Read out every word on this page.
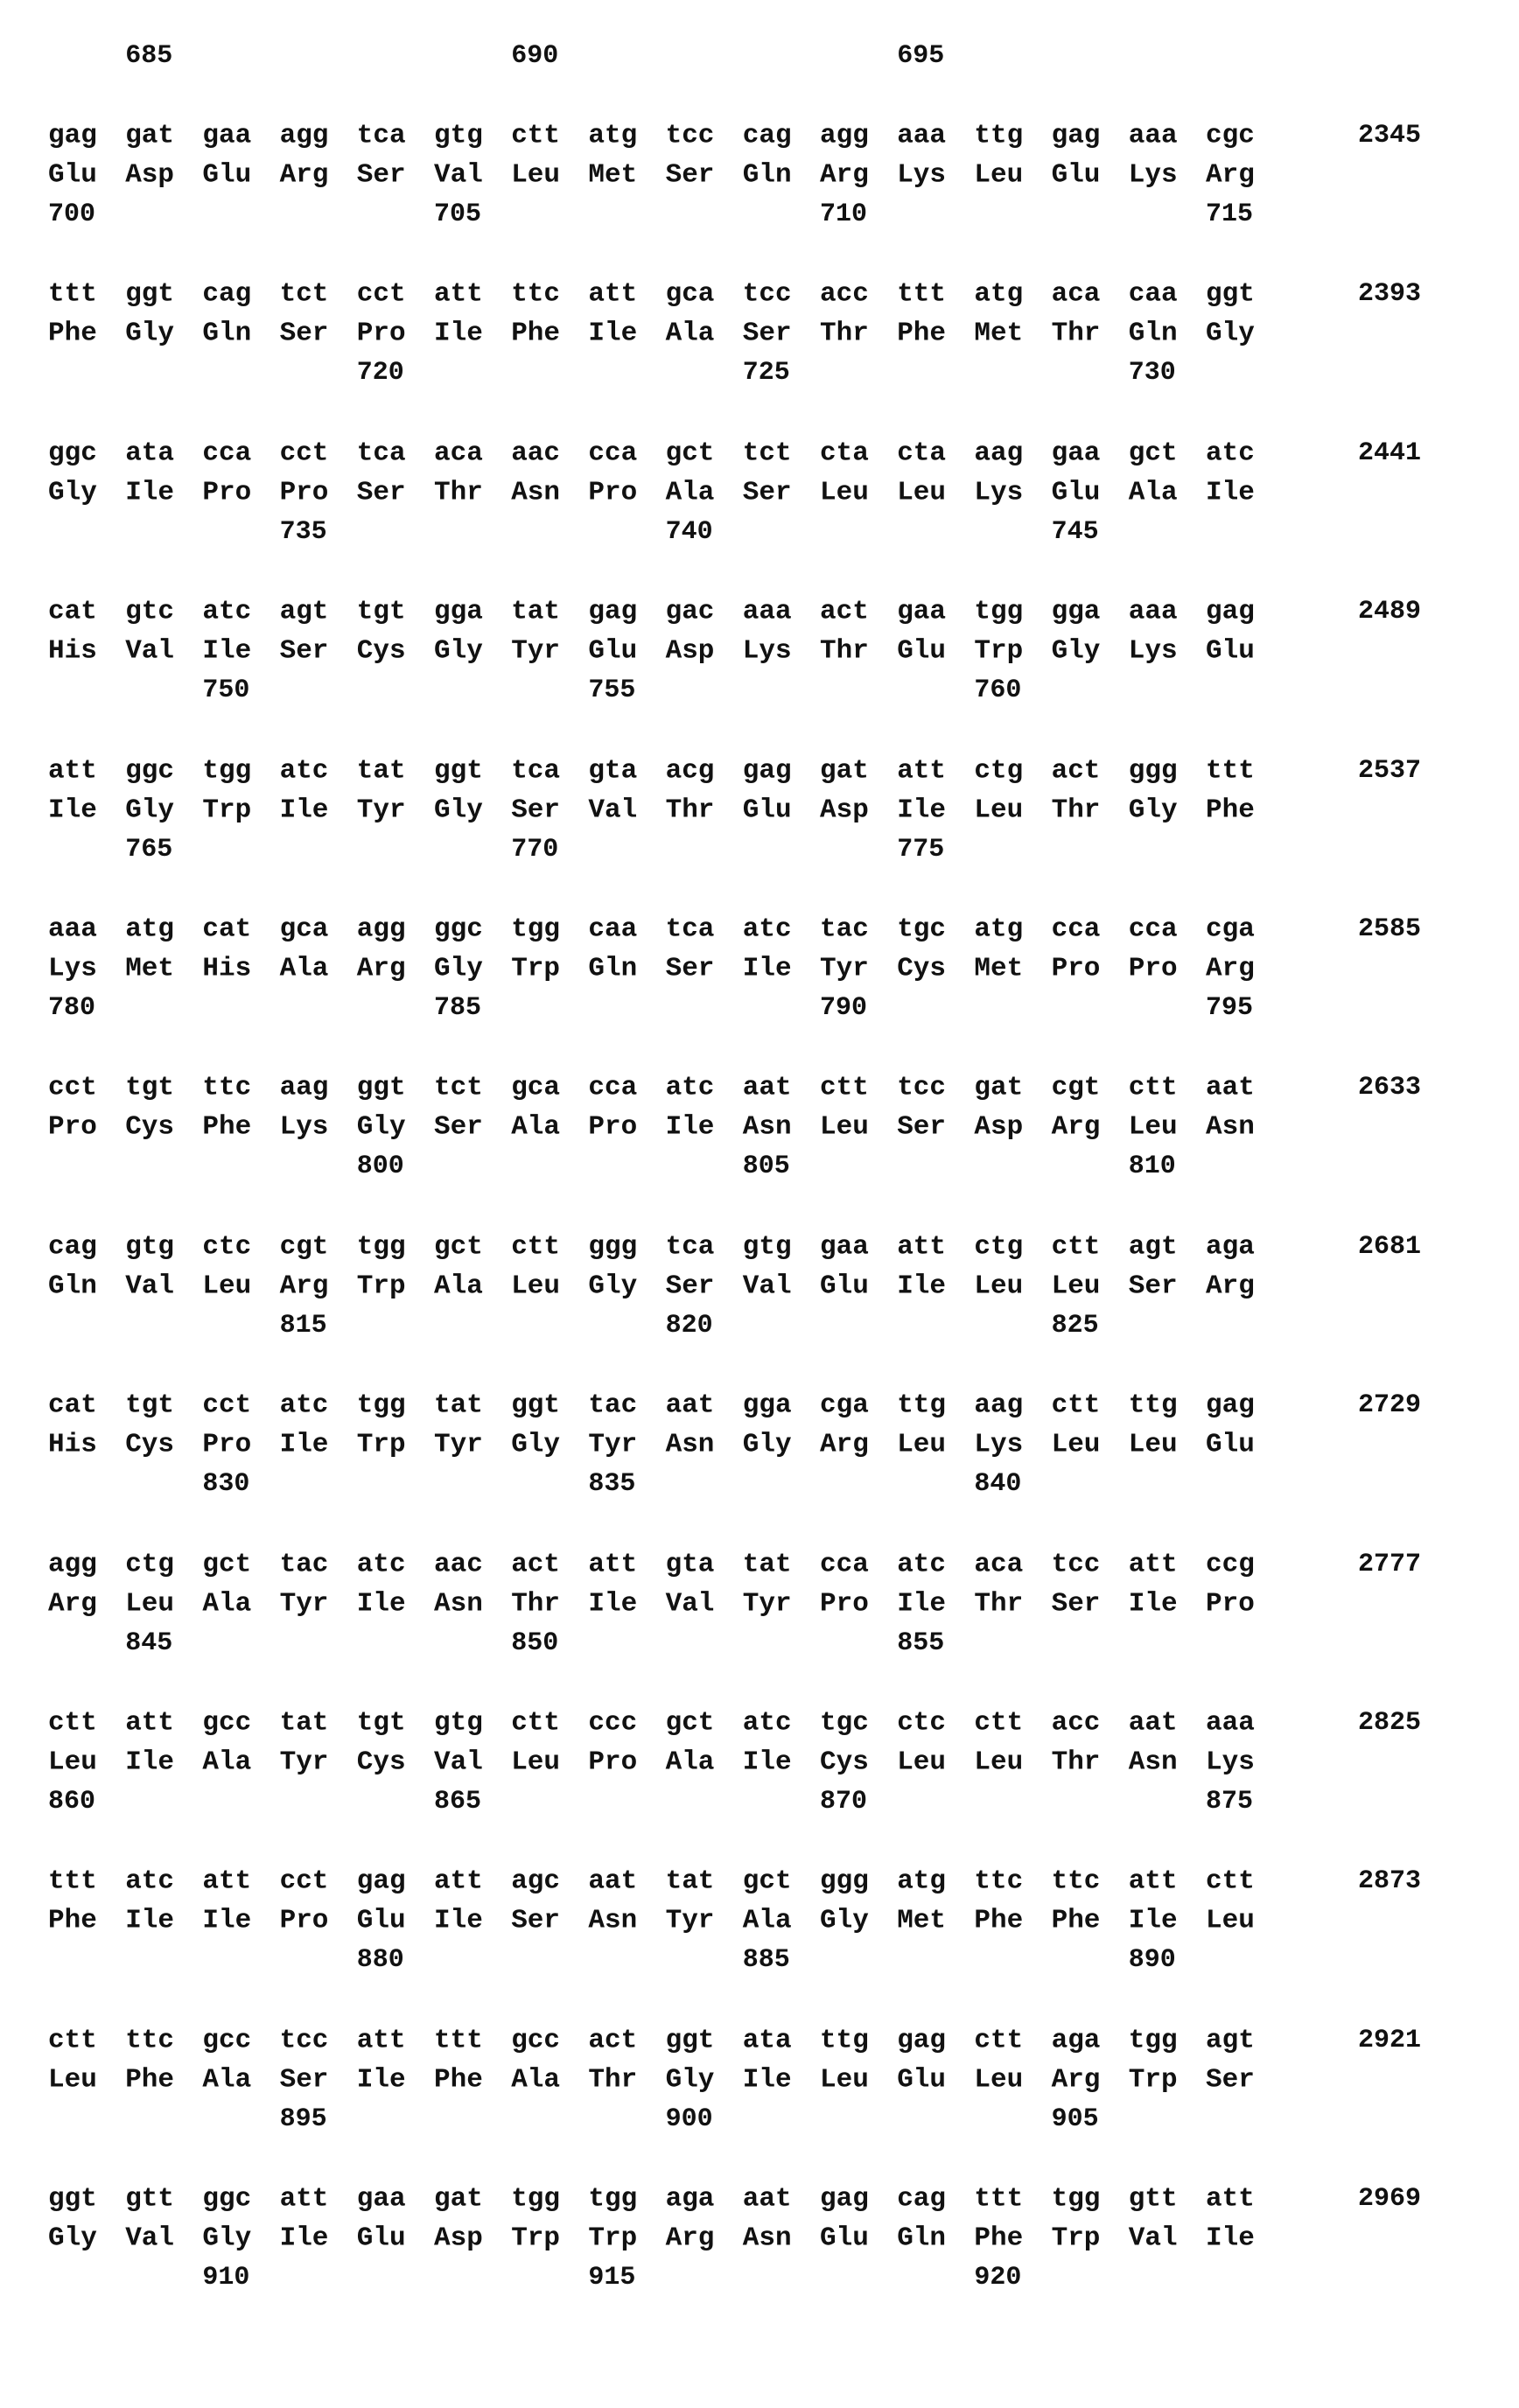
685	690	695
gag gat gaa agg tca gtg ctt atg tcc cag agg aaa ttg gag aaa cgc	2345
Glu Asp Glu Arg Ser Val Leu Met Ser Gln Arg Lys Leu Glu Lys Arg
700	705	710	715
ttt ggt cag tct cct att ttc att gca tcc acc ttt atg aca caa ggt	2393
Phe Gly Gln Ser Pro Ile Phe Ile Ala Ser Thr Phe Met Thr Gln Gly
720	725	730
ggc ata cca cct tca aca aac cca gct tct cta cta aag gaa gct atc	2441
Gly Ile Pro Pro Ser Thr Asn Pro Ala Ser Leu Leu Lys Glu Ala Ile
735	740	745
cat gtc atc agt tgt gga tat gag gac aaa act gaa tgg gga aaa gag	2489
His Val Ile Ser Cys Gly Tyr Glu Asp Lys Thr Glu Trp Gly Lys Glu
750	755	760
att ggc tgg atc tat ggt tca gta acg gag gat att ctg act ggg ttt	2537
Ile Gly Trp Ile Tyr Gly Ser Val Thr Glu Asp Ile Leu Thr Gly Phe
765	770	775
aaa atg cat gca agg ggc tgg caa tca atc tac tgc atg cca cca cga	2585
Lys Met His Ala Arg Gly Trp Gln Ser Ile Tyr Cys Met Pro Pro Arg
780	785	790	795
cct tgt ttc aag ggt tct gca cca atc aat ctt tcc gat cgt ctt aat	2633
Pro Cys Phe Lys Gly Ser Ala Pro Ile Asn Leu Ser Asp Arg Leu Asn
800	805	810
cag gtg ctc cgt tgg gct ctt ggg tca gtg gaa att ctg ctt agt aga	2681
Gln Val Leu Arg Trp Ala Leu Gly Ser Val Glu Ile Leu Leu Ser Arg
815	820	825
cat tgt cct atc tgg tat ggt tac aat gga cga ttg aag ctt ttg gag	2729
His Cys Pro Ile Trp Tyr Gly Tyr Asn Gly Arg Leu Lys Leu Leu Glu
830	835	840
agg ctg gct tac atc aac act att gta tat cca atc aca tcc att ccg	2777
Arg Leu Ala Tyr Ile Asn Thr Ile Val Tyr Pro Ile Thr Ser Ile Pro
845	850	855
ctt att gcc tat tgt gtg ctt ccc gct atc tgc ctc ctt acc aat aaa	2825
Leu Ile Ala Tyr Cys Val Leu Pro Ala Ile Cys Leu Leu Thr Asn Lys
860	865	870	875
ttt atc att cct gag att agc aat tat gct ggg atg ttc ttc att ctt	2873
Phe Ile Ile Pro Glu Ile Ser Asn Tyr Ala Gly Met Phe Phe Ile Leu
880	885	890
ctt ttc gcc tcc att ttt gcc act ggt ata ttg gag ctt aga tgg agt	2921
Leu Phe Ala Ser Ile Phe Ala Thr Gly Ile Leu Glu Leu Arg Trp Ser
895	900	905
ggt gtt ggc att gaa gat tgg tgg aga aat gag cag ttt tgg gtt att	2969
Gly Val Gly Ile Glu Asp Trp Trp Arg Asn Glu Gln Phe Trp Val Ile
910	915	920
